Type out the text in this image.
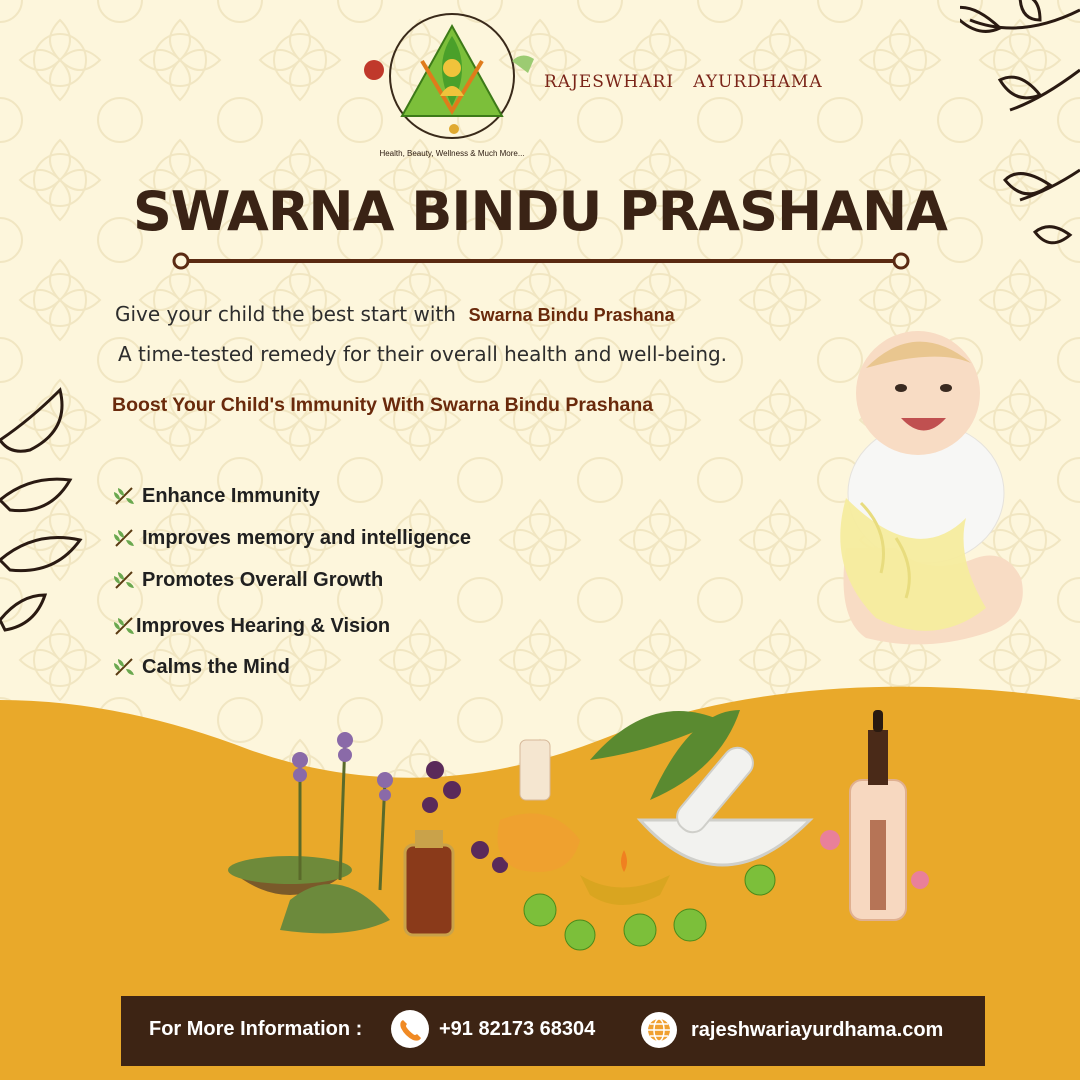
Health, Beauty, Wellness & Much More...
RAJESWHARI   AYURDHAMA
SWARNA BINDU PRASHANA
Give your child the best start with Swarna Bindu Prashana
A time-tested remedy for their overall health and well-being.
Boost Your Child's Immunity With Swarna Bindu Prashana
Enhance Immunity
Improves memory and intelligence
Promotes Overall Growth
Improves Hearing & Vision
Calms the Mind
For More Information :	+91 82173 68304	rajeshwariayurdhama.com
